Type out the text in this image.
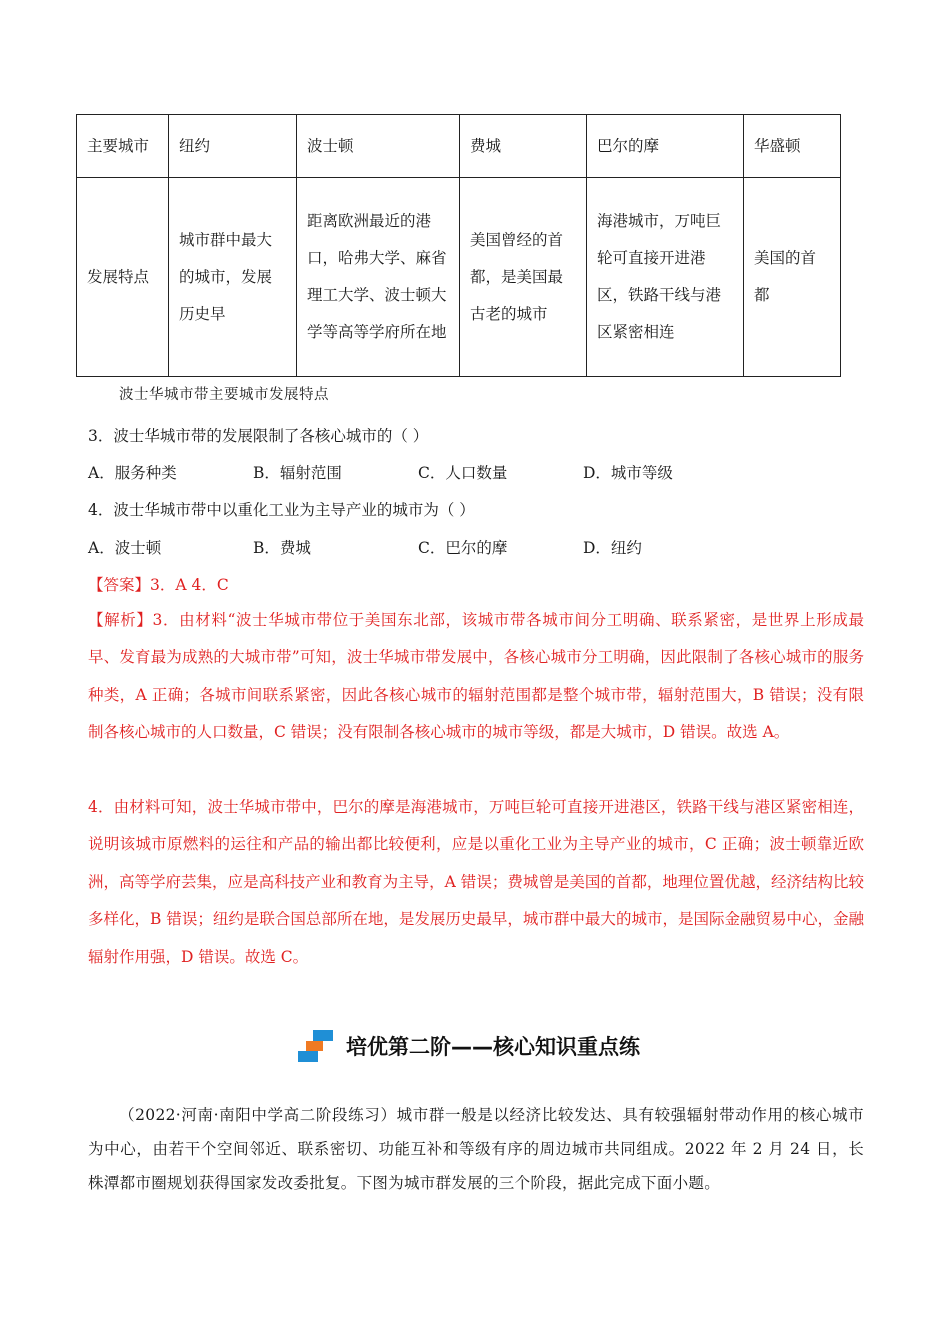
主要城市	纽约	波士顿	费城	巴尔的摩	华盛顿
发展特点	城市群中最大的城市，发展历史早	距离欧洲最近的港口，哈弗大学、麻省理工大学、波士顿大学等高等学府所在地	美国曾经的首都，是美国最古老的城市	海港城市，万吨巨轮可直接开进港区，铁路干线与港区紧密相连	美国的首都
波士华城市带主要城市发展特点
3．波士华城市带的发展限制了各核心城市的（ ）
A．服务种类	B．辐射范围	C．人口数量	D．城市等级
4．波士华城市带中以重化工业为主导产业的城市为（ ）
A．波士顿	B．费城	C．巴尔的摩	D．纽约
【答案】3．A 4．C
【解析】3．由材料“波士华城市带位于美国东北部，该城市带各城市间分工明确、联系紧密，是世界上形成最早、发育最为成熟的大城市带”可知，波士华城市带发展中，各核心城市分工明确，因此限制了各核心城市的服务种类，A 正确；各城市间联系紧密，因此各核心城市的辐射范围都是整个城市带，辐射范围大，B 错误；没有限制各核心城市的人口数量，C 错误；没有限制各核心城市的城市等级，都是大城市，D 错误。故选 A。
4．由材料可知，波士华城市带中，巴尔的摩是海港城市，万吨巨轮可直接开进港区，铁路干线与港区紧密相连，说明该城市原燃料的运往和产品的输出都比较便利，应是以重化工业为主导产业的城市，C 正确；波士顿靠近欧洲，高等学府芸集，应是高科技产业和教育为主导，A 错误；费城曾是美国的首都，地理位置优越，经济结构比较多样化，B 错误；纽约是联合国总部所在地，是发展历史最早，城市群中最大的城市，是国际金融贸易中心，金融辐射作用强，D 错误。故选 C。
培优第二阶——核心知识重点练
（2022·河南·南阳中学高二阶段练习）城市群一般是以经济比较发达、具有较强辐射带动作用的核心城市为中心，由若干个空间邻近、联系密切、功能互补和等级有序的周边城市共同组成。2022 年 2 月 24 日，长株潭都市圈规划获得国家发改委批复。下图为城市群发展的三个阶段，据此完成下面小题。
